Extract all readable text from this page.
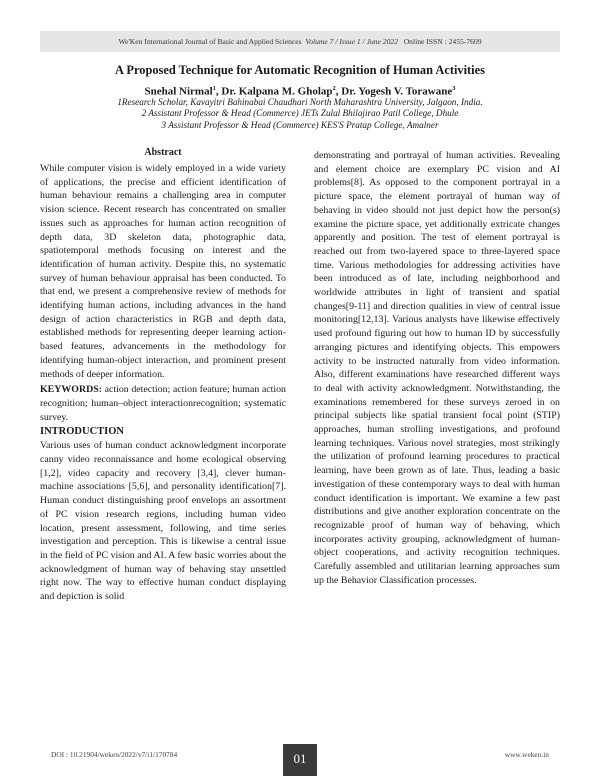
We'Ken International Journal of Basic and Applied Sciences Volume 7 / Issue 1 / June 2022 Online ISSN : 2455-7609
A Proposed Technique for Automatic Recognition of Human Activities
Snehal Nirmal$^1$, Dr. Kalpana M. Gholap$^2$, Dr. Yogesh V. Torawane$^3$
1Research Scholar, Kavayitri Bahinabai Chaudhari North Maharashtra University, Jalgaon, India.
2 Assistant Professor & Head (Commerce) JETs Zulal Bhilajirao Patil College, Dhule
3 Assistant Professor & Head (Commerce) KES'S Pratap College, Amalner

Abstract

While computer vision is widely employed in a wide variety of applications, the precise and efficient identification of human behaviour remains a challenging area in computer vision science. Recent research has concentrated on smaller issues such as approaches for human action recognition of depth data, 3D skeleton data, photographic data, spatiotemporal methods focusing on interest and the identification of human activity. Despite this, no systematic survey of human behaviour appraisal has been conducted. To that end, we present a comprehensive review of methods for identifying human actions, including advances in the hand design of action characteristics in RGB and depth data, established methods for representing deeper learning action-based features, advancements in the methodology for identifying human-object interaction, and prominent present methods of deeper information.

KEYWORDS: action detection; action feature; human action recognition; human–object interactionrecognition; systematic survey.

INTRODUCTION

Various uses of human conduct acknowledgment incorporate canny video reconnaissance and home ecological observing [1,2], video capacity and recovery [3,4], clever human-machine associations [5,6], and personality identification[7]. Human conduct distinguishing proof envelops an assortment of PC vision research regions, including human video location, present assessment, following, and time series investigation and perception. This is likewise a central issue in the field of PC vision and AI. A few basic worries about the acknowledgment of human way of behaving stay unsettled right now. The way to effective human conduct displaying and depiction is solid

demonstrating and portrayal of human activities. Revealing and element choice are exemplary PC vision and AI problems[8]. As opposed to the component portrayal in a picture space, the element portrayal of human way of behaving in video should not just depict how the person(s) examine the picture space, yet additionally extricate changes apparently and position. The test of element portrayal is reached out from two-layered space to three-layered space time. Various methodologies for addressing activities have been introduced as of late, including neighborhood and worldwide attributes in light of transient and spatial changes[9-11] and direction qualities in view of central issue monitoring[12,13]. Various analysts have likewise effectively used profound figuring out how to human ID by successfully arranging pictures and identifying objects. This empowers activity to be instructed naturally from video information. Also, different examinations have researched different ways to deal with activity acknowledgment. Notwithstanding, the examinations remembered for these surveys zeroed in on principal subjects like spatial transient focal point (STIP) approaches, human strolling investigations, and profound learning techniques. Various novel strategies, most strikingly the utilization of profound learning procedures to practical learning, have been grown as of late. Thus, leading a basic investigation of these contemporary ways to deal with human conduct identification is important. We examine a few past distributions and give another exploration concentrate on the recognizable proof of human way of behaving, which incorporates activity grouping, acknowledgment of human-object cooperations, and activity recognition techniques. Carefully assembled and utilitarian learning approaches sum up the Behavior Classification processes.

DOI : 10.21904/weken/2022/v7/i1/170784	01	www.weken.in
